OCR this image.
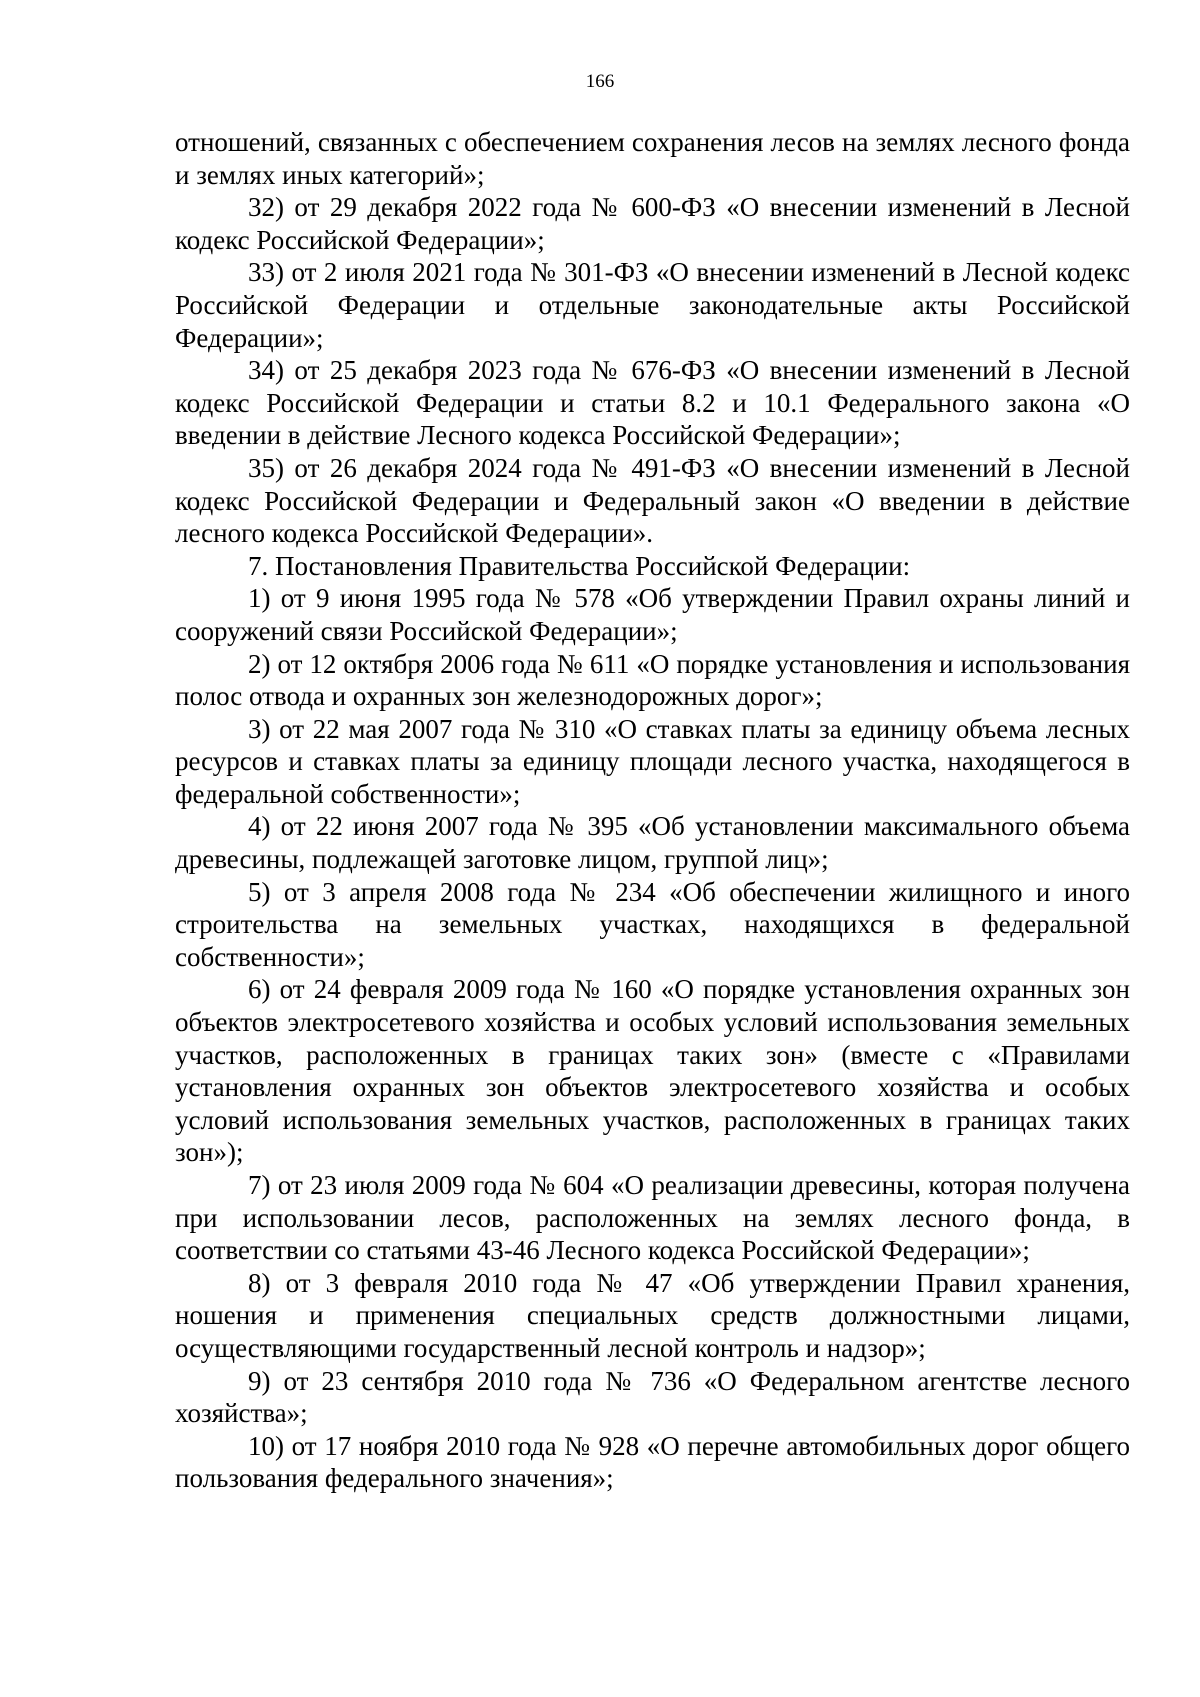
166

отношений, связанных с обеспечением сохранения лесов на землях лесного фонда и землях иных категорий»;

32) от 29 декабря 2022 года № 600-ФЗ «О внесении изменений в Лесной кодекс Российской Федерации»;

33) от 2 июля 2021 года № 301-ФЗ «О внесении изменений в Лесной кодекс Российской Федерации и отдельные законодательные акты Российской Федерации»;

34) от 25 декабря 2023 года № 676-ФЗ «О внесении изменений в Лесной кодекс Российской Федерации и статьи 8.2 и 10.1 Федерального закона «О введении в действие Лесного кодекса Российской Федерации»;

35) от 26 декабря 2024 года № 491-ФЗ «О внесении изменений в Лесной кодекс Российской Федерации и Федеральный закон «О введении в действие лесного кодекса Российской Федерации».

7. Постановления Правительства Российской Федерации:

1) от 9 июня 1995 года № 578 «Об утверждении Правил охраны линий и сооружений связи Российской Федерации»;

2) от 12 октября 2006 года № 611 «О порядке установления и использования полос отвода и охранных зон железнодорожных дорог»;

3) от 22 мая 2007 года № 310 «О ставках платы за единицу объема лесных ресурсов и ставках платы за единицу площади лесного участка, находящегося в федеральной собственности»;

4) от 22 июня 2007 года № 395 «Об установлении максимального объема древесины, подлежащей заготовке лицом, группой лиц»;

5) от 3 апреля 2008 года № 234 «Об обеспечении жилищного и иного строительства на земельных участках, находящихся в федеральной собственности»;

6) от 24 февраля 2009 года № 160 «О порядке установления охранных зон объектов электросетевого хозяйства и особых условий использования земельных участков, расположенных в границах таких зон» (вместе с «Правилами установления охранных зон объектов электросетевого хозяйства и особых условий использования земельных участков, расположенных в границах таких зон»);

7) от 23 июля 2009 года № 604 «О реализации древесины, которая получена при использовании лесов, расположенных на землях лесного фонда, в соответствии со статьями 43-46 Лесного кодекса Российской Федерации»;

8) от 3 февраля 2010 года № 47 «Об утверждении Правил хранения, ношения и применения специальных средств должностными лицами, осуществляющими государственный лесной контроль и надзор»;

9) от 23 сентября 2010 года № 736 «О Федеральном агентстве лесного хозяйства»;

10) от 17 ноября 2010 года № 928 «О перечне автомобильных дорог общего пользования федерального значения»;
